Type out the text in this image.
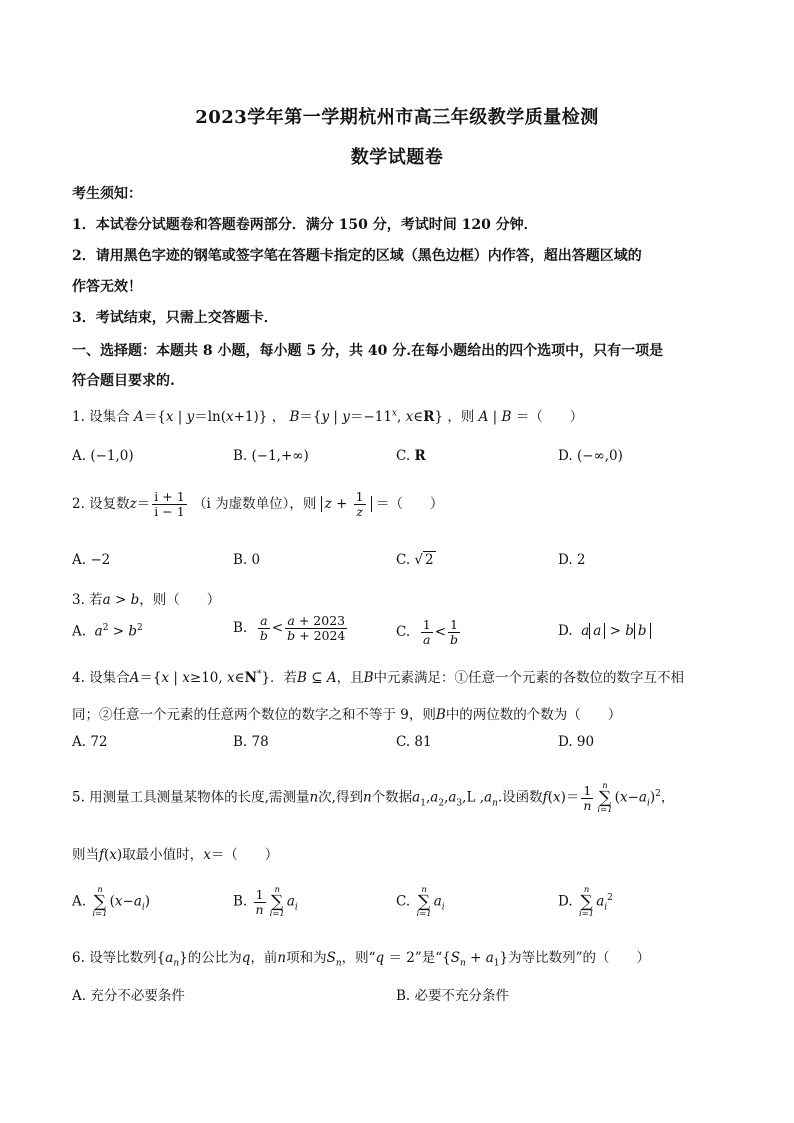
2023学年第一学期杭州市高三年级教学质量检测
数学试题卷
考生须知：
1．本试卷分试题卷和答题卷两部分．满分 150 分，考试时间 120 分钟．
2．请用黑色字迹的钢笔或签字笔在答题卡指定的区域（黑色边框）内作答，超出答题区域的
作答无效！
3．考试结束，只需上交答题卡．
一、选择题：本题共 8 小题，每小题 5 分，共 40 分.在每小题给出的四个选项中，只有一项是
符合题目要求的.
1. 设集合 A＝{x | y＝ln(x+1)} ， B＝{y | $y=-11^x$, x∈R} ，则 A | B ＝（　　）
A. (−1,0)	B. (−1,+∞)	C. R	D. (−∞,0)
2. 设复数$z= \frac{i + 1}{i - 1} (i$ 为虚数单位），则 $z + \frac{1}{z}$ ＝（　　）
A. −2	B. 0	C. √ 2	D. 2
3. 若a > b，则（　　）
A. $a^2 > b^2$	B. $\frac{a}{b} < \frac{a + 2023}{b + 2024}$	C. $\frac{1}{a} < \frac{1}{b}$	D. a a > b b
4. 设集合A＝{x | x≥10, x∈N*}．若B ⊆ A，且B中元素满足：①任意一个元素的各数位的数字互不相
同；②任意一个元素的任意两个数位的数字之和不等于 9，则B中的两位数的个数为（　　）
A. 72	B. 78	C. 81	D. 90
5. 用测量工具测量某物体的长度,需测量n次,得到n个数据$a_1,a_2,a_3,L$ $,a_n$.设函数$f(x)= \frac{1}{n}$ n
∑
i=1
$(x-a_i)^2$，
则当f(x)取最小值时，x＝（　　）
A.
n
∑
i=1
$(x-a_i)$	B. $\frac{1}{n}$ n
∑
i=1
$a_i$	C.
n
∑
i=1
$a_i$	D.
n
∑
i=1
$a_i^2$
6. 设等比数列$\{a_n\}$的公比为q，前n项和为$S_n$，则“q ＝ 2”是“$\{S_n + a_1\}$为等比数列”的（　　）
A. 充分不必要条件	B. 必要不充分条件
